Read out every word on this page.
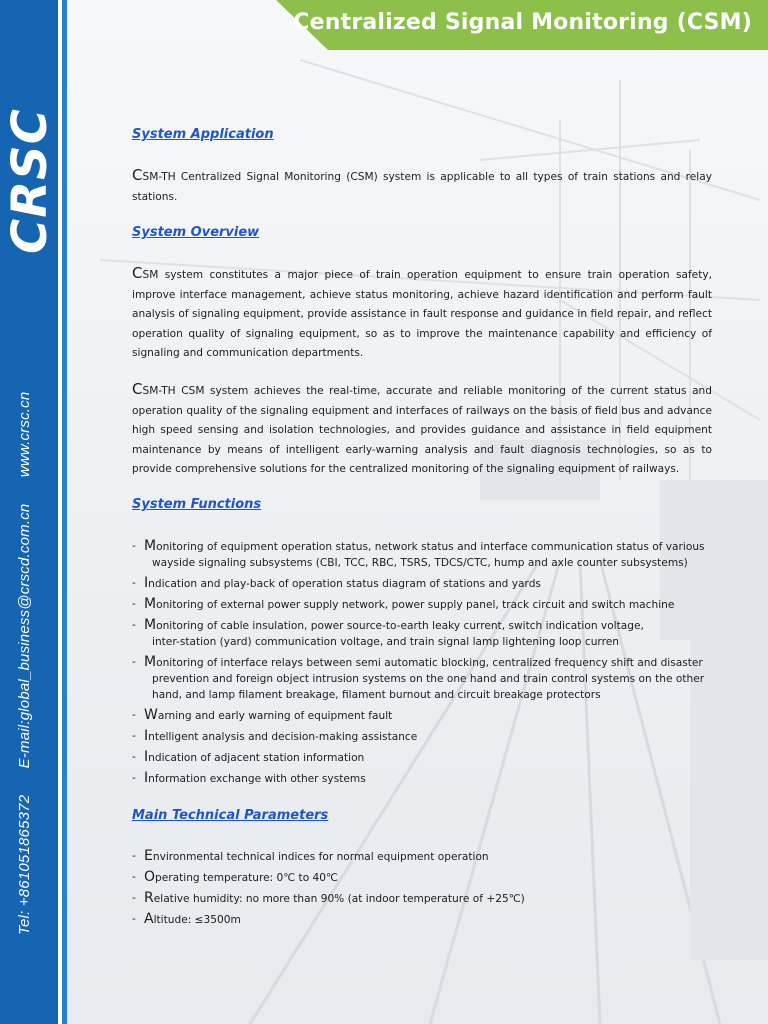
CRSC
Tel: +861051865372 E-mail:global_business@crscd.com.cn www.crsc.cn
Centralized Signal Monitoring (CSM)
System Application
CSM-TH Centralized Signal Monitoring (CSM) system is applicable to all types of train stations and relay stations.
System Overview
CSM system constitutes a major piece of train operation equipment to ensure train operation safety, improve interface management, achieve status monitoring, achieve hazard identification and perform fault analysis of signaling equipment, provide assistance in fault response and guidance in field repair, and reflect operation quality of signaling equipment, so as to improve the maintenance capability and efficiency of signaling and communication departments.
CSM-TH CSM system achieves the real-time, accurate and reliable monitoring of the current status and operation quality of the signaling equipment and interfaces of railways on the basis of field bus and advance high speed sensing and isolation technologies, and provides guidance and assistance in field equipment maintenance by means of intelligent early-warning analysis and fault diagnosis technologies, so as to provide comprehensive solutions for the centralized monitoring of the signaling equipment of railways.
System Functions
- Monitoring of equipment operation status, network status and interface communication status of various
wayside signaling subsystems (CBI, TCC, RBC, TSRS, TDCS/CTC, hump and axle counter subsystems)
- Indication and play-back of operation status diagram of stations and yards
- Monitoring of external power supply network, power supply panel, track circuit and switch machine
- Monitoring of cable insulation, power source-to-earth leaky current, switch indication voltage,
inter-station (yard) communication voltage, and train signal lamp lightening loop curren
- Monitoring of interface relays between semi automatic blocking, centralized frequency shift and disaster
prevention and foreign object intrusion systems on the one hand and train control systems on the other
hand, and lamp filament breakage, filament burnout and circuit breakage protectors
- Warning and early warning of equipment fault
- Intelligent analysis and decision-making assistance
- Indication of adjacent station information
- Information exchange with other systems
Main Technical Parameters
- Environmental technical indices for normal equipment operation
- Operating temperature: 0℃ to 40℃
- Relative humidity: no more than 90% (at indoor temperature of +25℃)
- Altitude: ≤3500m
